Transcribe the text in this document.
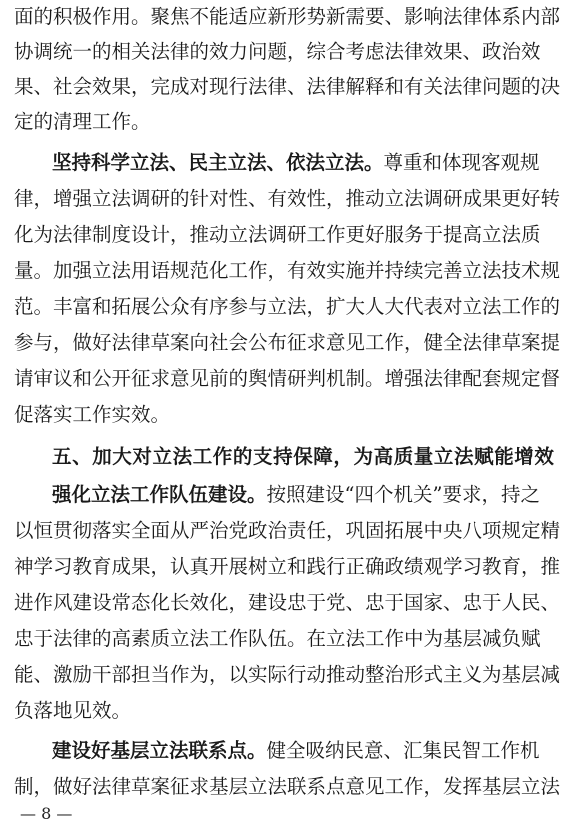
面的积极作用。聚焦不能适应新形势新需要、影响法律体系内部
协调统一的相关法律的效力问题，综合考虑法律效果、政治效
果、社会效果，完成对现行法律、法律解释和有关法律问题的决
定的清理工作。
坚持科学立法、民主立法、依法立法。尊重和体现客观规
律，增强立法调研的针对性、有效性，推动立法调研成果更好转
化为法律制度设计，推动立法调研工作更好服务于提高立法质
量。加强立法用语规范化工作，有效实施并持续完善立法技术规
范。丰富和拓展公众有序参与立法，扩大人大代表对立法工作的
参与，做好法律草案向社会公布征求意见工作，健全法律草案提
请审议和公开征求意见前的舆情研判机制。增强法律配套规定督
促落实工作实效。
五、加大对立法工作的支持保障，为高质量立法赋能增效
强化立法工作队伍建设。按照建设“四个机关”要求，持之
以恒贯彻落实全面从严治党政治责任，巩固拓展中央八项规定精
神学习教育成果，认真开展树立和践行正确政绩观学习教育，推
进作风建设常态化长效化，建设忠于党、忠于国家、忠于人民、
忠于法律的高素质立法工作队伍。在立法工作中为基层减负赋
能、激励干部担当作为，以实际行动推动整治形式主义为基层减
负落地见效。
建设好基层立法联系点。健全吸纳民意、汇集民智工作机
制，做好法律草案征求基层立法联系点意见工作，发挥基层立法
— 8 —
